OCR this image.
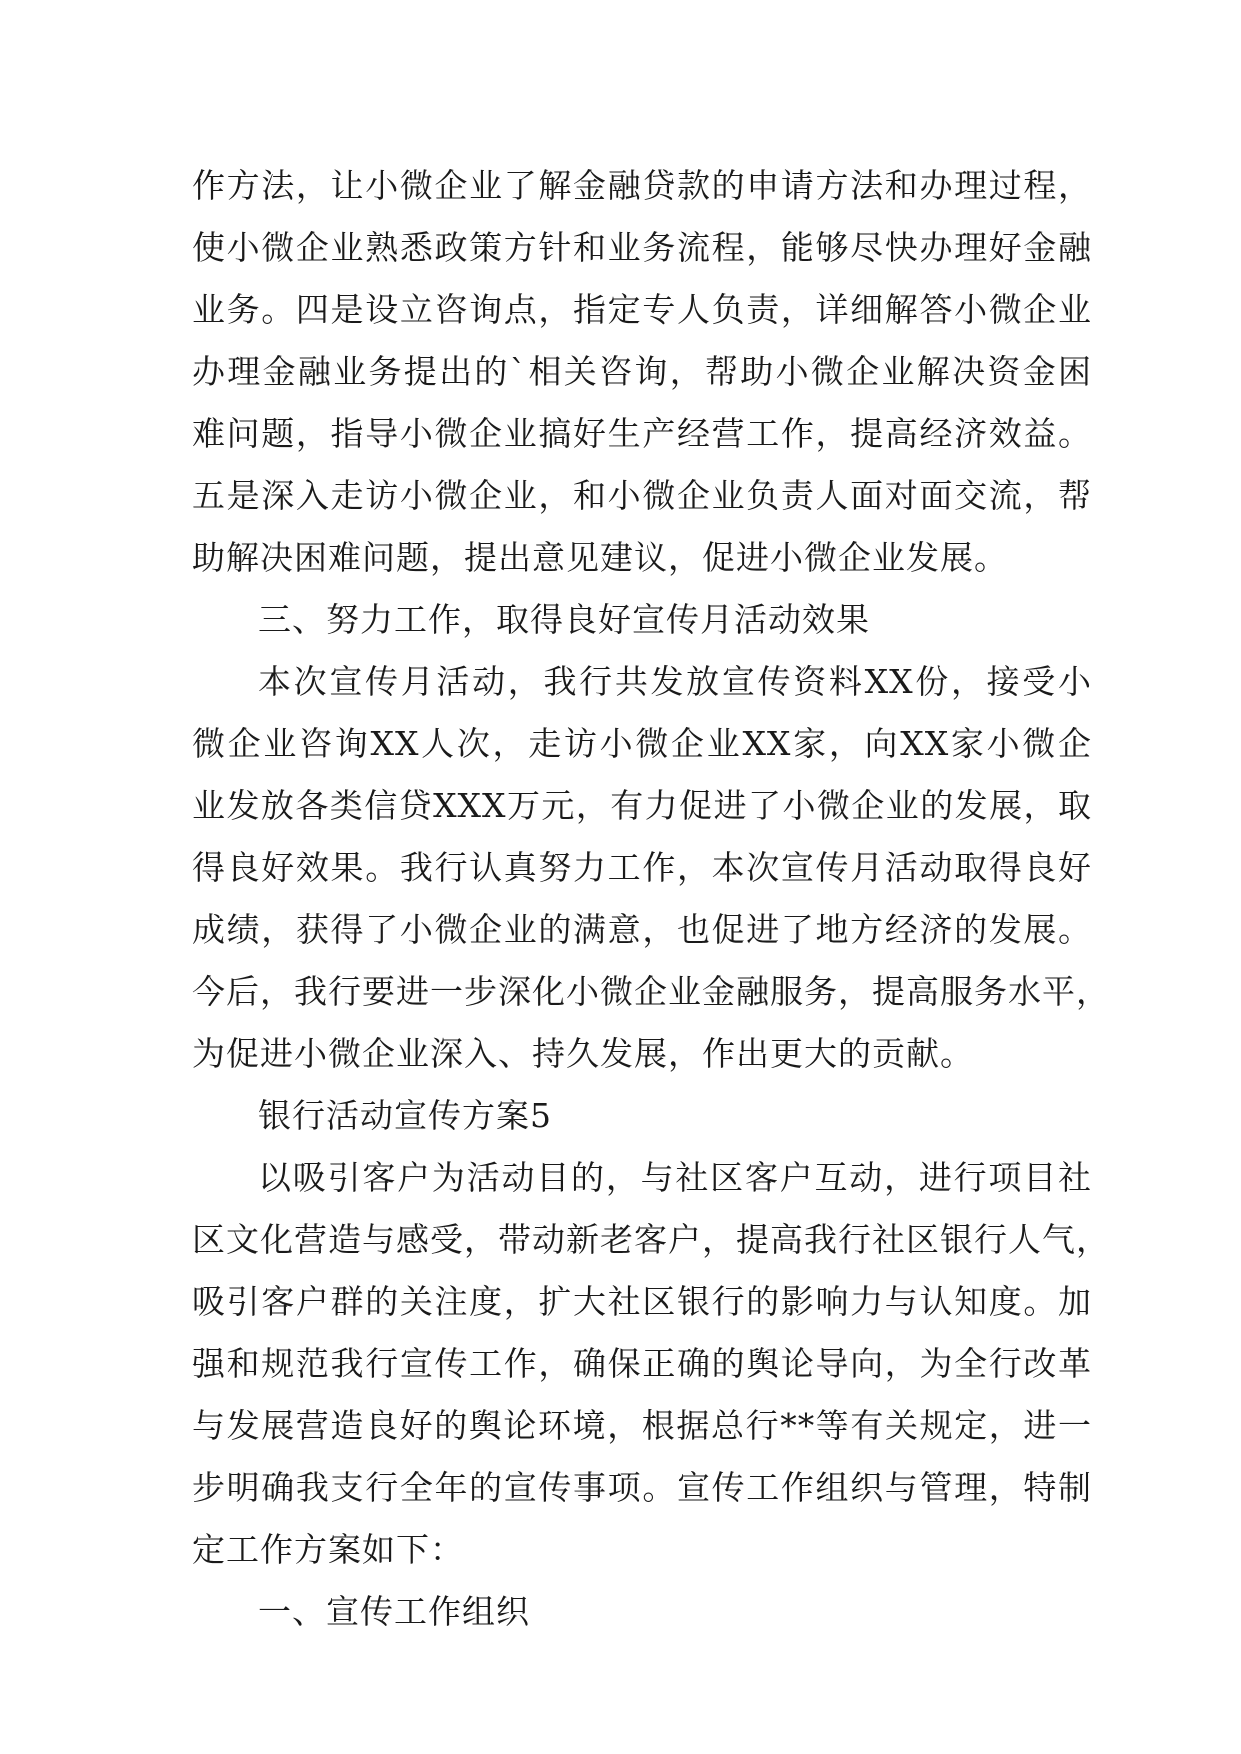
作方法，让小微企业了解金融贷款的申请方法和办理过程，
使小微企业熟悉政策方针和业务流程，能够尽快办理好金融
业务。四是设立咨询点，指定专人负责，详细解答小微企业
办理金融业务提出的`相关咨询，帮助小微企业解决资金困
难问题，指导小微企业搞好生产经营工作，提高经济效益。
五是深入走访小微企业，和小微企业负责人面对面交流，帮
助解决困难问题，提出意见建议，促进小微企业发展。
三、努力工作，取得良好宣传月活动效果
本次宣传月活动，我行共发放宣传资料XX份，接受小
微企业咨询XX人次，走访小微企业XX家，向XX家小微企
业发放各类信贷XXX万元，有力促进了小微企业的发展，取
得良好效果。我行认真努力工作，本次宣传月活动取得良好
成绩，获得了小微企业的满意，也促进了地方经济的发展。
今后，我行要进一步深化小微企业金融服务，提高服务水平，
为促进小微企业深入、持久发展，作出更大的贡献。
银行活动宣传方案5
以吸引客户为活动目的，与社区客户互动，进行项目社
区文化营造与感受，带动新老客户，提高我行社区银行人气，
吸引客户群的关注度，扩大社区银行的影响力与认知度。加
强和规范我行宣传工作，确保正确的舆论导向，为全行改革
与发展营造良好的舆论环境，根据总行**等有关规定，进一
步明确我支行全年的宣传事项。宣传工作组织与管理，特制
定工作方案如下：
一、宣传工作组织
